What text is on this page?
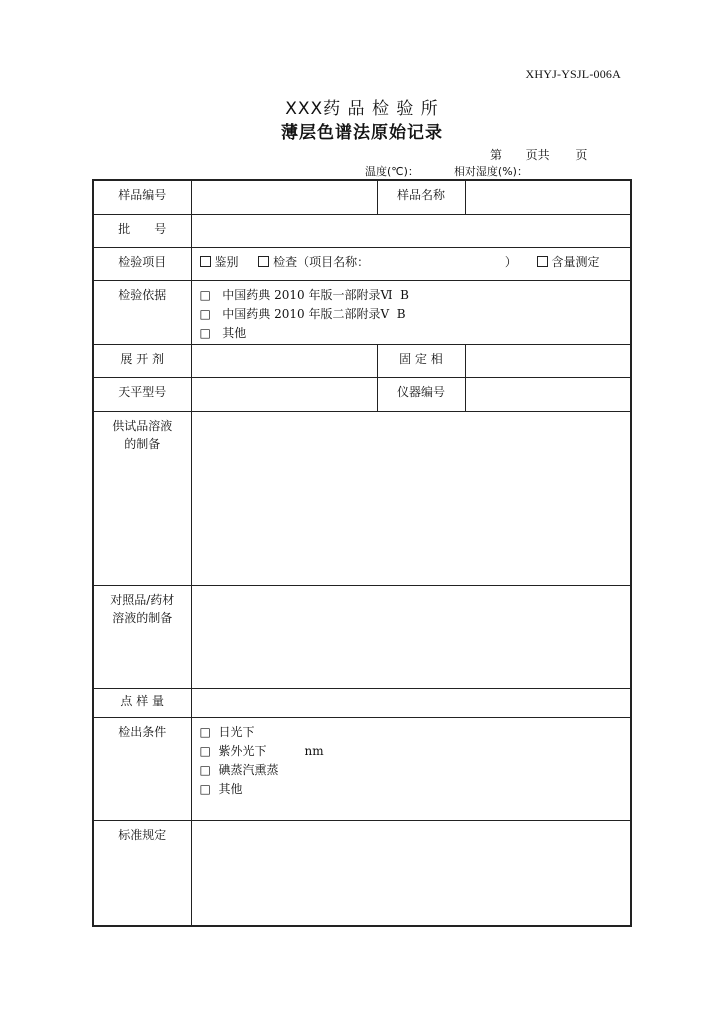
XHYJ-YSJL-006A
XXX药 品 检 验 所
薄层色谱法原始记录
第 页共 页
温度(℃)：	相对湿度(%)：
样品编号		样品名称	
批　　号			
检验项目	鉴别 检查（项目名称： ） 含量测定		
检验依据	□ 中国药典 2010 年版一部附录Ⅵ  B
□ 中国药典 2010 年版二部附录Ⅴ  B
□ 其他		

展 开 剂		固 定 相	
天平型号		仪器编号	

供试品溶液
的制备			

对照品/药材
溶液的制备			

点 样 量			
检出条件	□ 日光下
□ 紫外光下 nm
□ 碘蒸汽熏蒸
□ 其他		

标准规定			
